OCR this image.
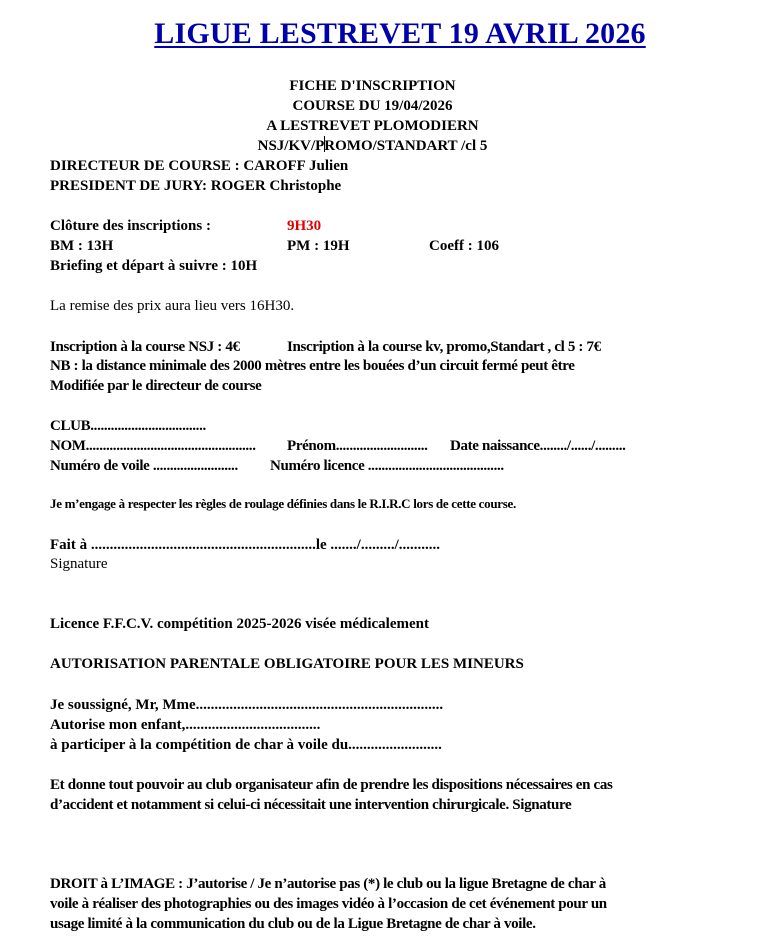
LIGUE LESTREVET 19 AVRIL 2026
FICHE D'INSCRIPTION
COURSE DU 19/04/2026
A LESTREVET PLOMODIERN
NSJ/KV/PROMO/STANDART /cl 5
DIRECTEUR DE COURSE : CAROFF Julien
PRESIDENT DE JURY: ROGER Christophe
Clôture des inscriptions :	9H30
BM : 13H	PM : 19H	Coeff : 106
Briefing et départ à suivre : 10H
La remise des prix aura lieu vers 16H30.
Inscription à la course NSJ : 4€	Inscription à la course kv, promo,Standart , cl 5 : 7€
NB : la distance minimale des 2000 mètres entre les bouées d’un circuit fermé peut être
Modifiée par le directeur de course
CLUB..................................
NOM.................................................. Prénom........................... Date naissance......../....../.........
Numéro de voile ......................... Numéro licence ........................................
Je m’engage à respecter les règles de roulage définies dans le R.I.R.C lors de cette course.
Fait à ............................................................le ......./........./...........
Signature
Licence F.F.C.V. compétition 2025-2026 visée médicalement
AUTORISATION PARENTALE OBLIGATOIRE POUR LES MINEURS
Je soussigné, Mr, Mme..................................................................
Autorise mon enfant,....................................
à participer à la compétition de char à voile du.........................
Et donne tout pouvoir au club organisateur afin de prendre les dispositions nécessaires en cas
d’accident et notamment si celui-ci nécessitait une intervention chirurgicale. Signature
DROIT à L’IMAGE : J’autorise / Je n’autorise pas (*) le club ou la ligue Bretagne de char à
voile à réaliser des photographies ou des images vidéo à l’occasion de cet événement pour un
usage limité à la communication du club ou de la Ligue Bretagne de char à voile.
